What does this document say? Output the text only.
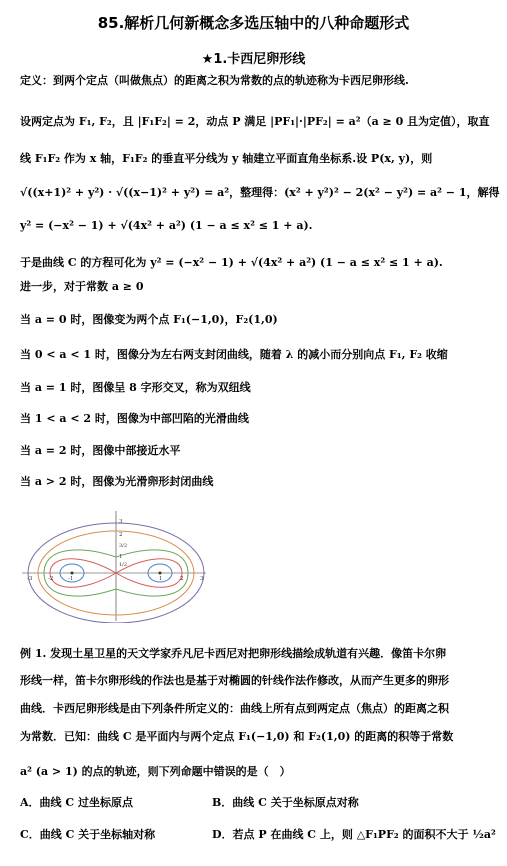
85.解析几何新概念多选压轴中的八种命题形式
★1.卡西尼卵形线
定义：到两个定点（叫做焦点）的距离之积为常数的点的轨迹称为卡西尼卵形线.
设两定点为 F₁, F₂，且 |F₁F₂| = 2，动点 P 满足 |PF₁|·|PF₂| = a²（a ≥ 0 且为定值），取直
线 F₁F₂ 作为 x 轴，F₁F₂ 的垂直平分线为 y 轴建立平面直角坐标系.设 P(x, y)，则
√((x+1)² + y²) · √((x−1)² + y²) = a²，整理得：(x² + y²)² − 2(x² − y²) = a² − 1，解得
y² = (−x² − 1) + √(4x² + a²) (1 − a ≤ x² ≤ 1 + a).
于是曲线 C 的方程可化为 y² = (−x² − 1) + √(4x² + a²) (1 − a ≤ x² ≤ 1 + a).
进一步，对于常数 a ≥ 0
当 a = 0 时，图像变为两个点 F₁(−1,0)，F₂(1,0)
当 0 < a < 1 时，图像分为左右两支封闭曲线，随着 λ 的减小而分别向点 F₁, F₂ 收缩
当 a = 1 时，图像呈 8 字形交叉，称为双纽线
当 1 < a < 2 时，图像为中部凹陷的光滑曲线
当 a = 2 时，图像中部接近水平
当 a > 2 时，图像为光滑卵形封闭曲线
3
2
3/2
1
1/2
-3	-2	-1	1	2	3
例 1. 发现土星卫星的天文学家乔凡尼卡西尼对把卵形线描绘成轨道有兴趣．像笛卡尔卵
形线一样，笛卡尔卵形线的作法也是基于对椭圆的针线作法作修改，从而产生更多的卵形
曲线．卡西尼卵形线是由下列条件所定义的：曲线上所有点到两定点（焦点）的距离之积
为常数．已知：曲线 C 是平面内与两个定点 F₁(−1,0) 和 F₂(1,0) 的距离的积等于常数
a² (a > 1) 的点的轨迹，则下列命题中错误的是（　）
A．曲线 C 过坐标原点	B．曲线 C 关于坐标原点对称
C．曲线 C 关于坐标轴对称	D．若点 P 在曲线 C 上，则 △F₁PF₂ 的面积不大于 ½a²
